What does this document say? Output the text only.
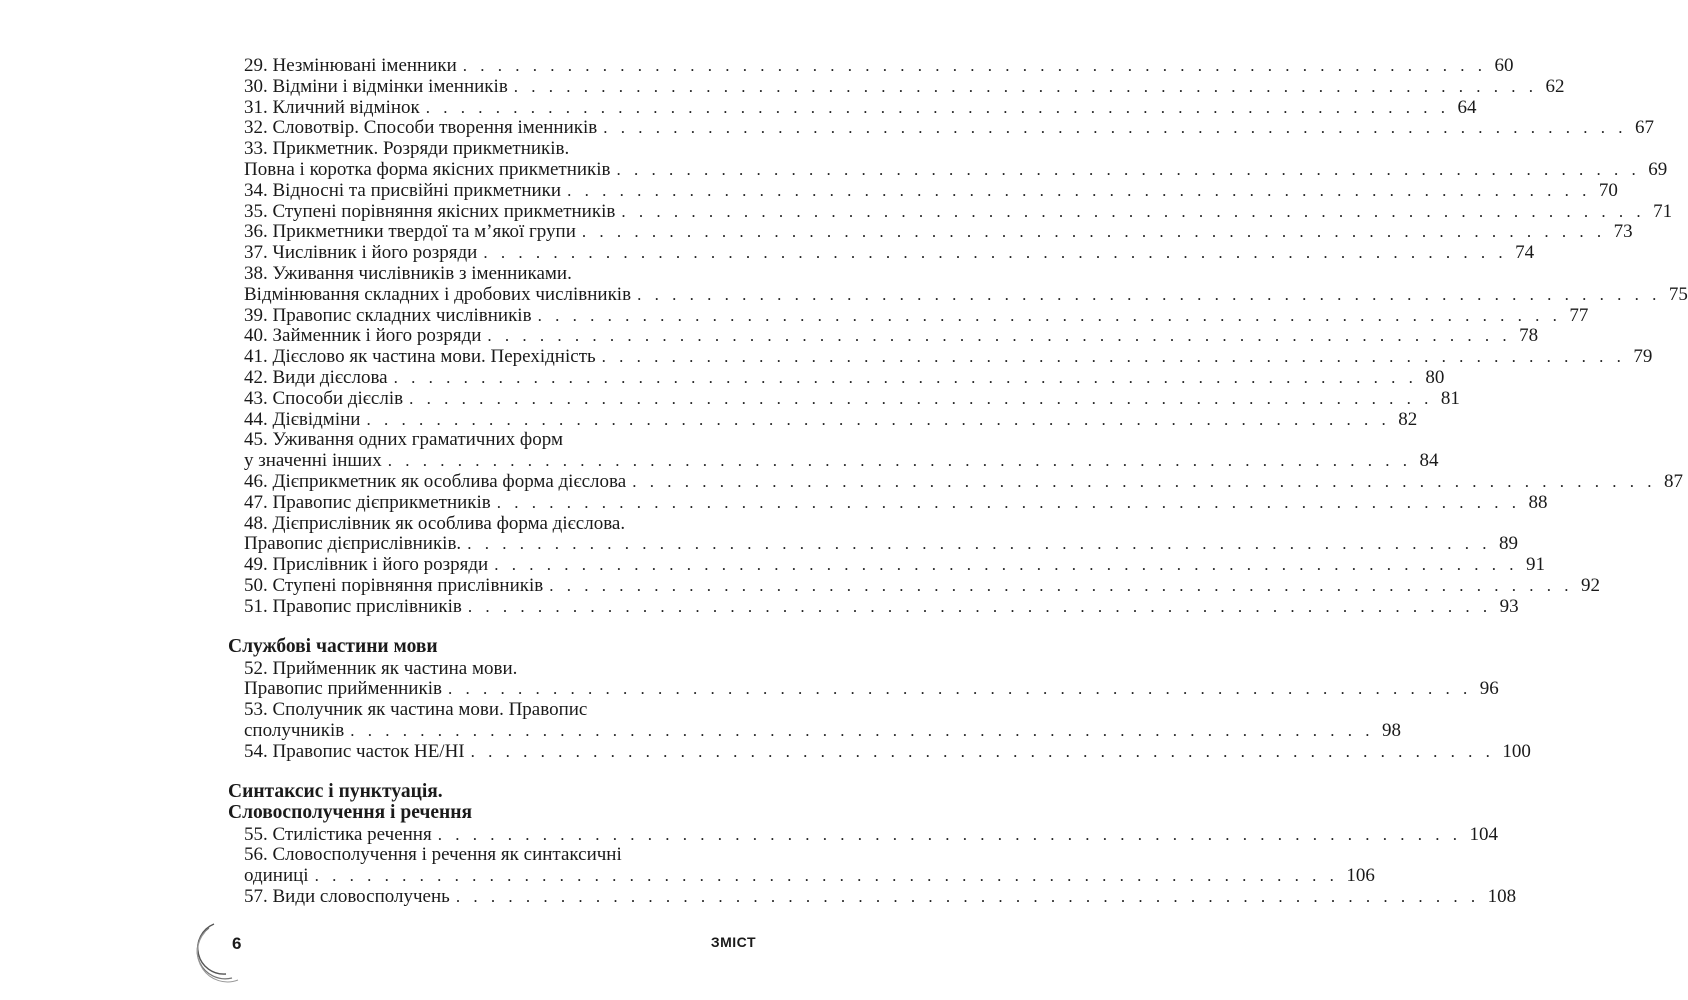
29. Незмінювані іменники . . . . . . . . . . . . . . . . . . . . . . . . . . . . . . . . . . . . . . . . . . . . . . . . . . . . . . . . . . . 60
30. Відміни і відмінки іменників . . . . . . . . . . . . . . . . . . . . . . . . . . . . . . . . . . . . . . . . . . . . . . . . . . . . . . . . . . . 62
31. Кличний відмінок . . . . . . . . . . . . . . . . . . . . . . . . . . . . . . . . . . . . . . . . . . . . . . . . . . . . . . . . . . . 64
32. Словотвір. Способи творення іменників . . . . . . . . . . . . . . . . . . . . . . . . . . . . . . . . . . . . . . . . . . . . . . . . . . . . . . . . . . . 67
33. Прикметник. Розряди прикметників.
Повна і коротка форма якісних прикметників . . . . . . . . . . . . . . . . . . . . . . . . . . . . . . . . . . . . . . . . . . . . . . . . . . . . . . . . . . . 69
34. Відносні та присвійні прикметники . . . . . . . . . . . . . . . . . . . . . . . . . . . . . . . . . . . . . . . . . . . . . . . . . . . . . . . . . . . 70
35. Ступені порівняння якісних прикметників . . . . . . . . . . . . . . . . . . . . . . . . . . . . . . . . . . . . . . . . . . . . . . . . . . . . . . . . . . . 71
36. Прикметники твердої та м’якої групи . . . . . . . . . . . . . . . . . . . . . . . . . . . . . . . . . . . . . . . . . . . . . . . . . . . . . . . . . . . 73
37. Числівник і його розряди . . . . . . . . . . . . . . . . . . . . . . . . . . . . . . . . . . . . . . . . . . . . . . . . . . . . . . . . . . . 74
38. Уживання числівників з іменниками.
Відмінювання складних і дробових числівників . . . . . . . . . . . . . . . . . . . . . . . . . . . . . . . . . . . . . . . . . . . . . . . . . . . . . . . . . . . 75
39. Правопис складних числівників . . . . . . . . . . . . . . . . . . . . . . . . . . . . . . . . . . . . . . . . . . . . . . . . . . . . . . . . . . . 77
40. Займенник і його розряди . . . . . . . . . . . . . . . . . . . . . . . . . . . . . . . . . . . . . . . . . . . . . . . . . . . . . . . . . . . 78
41. Дієслово як частина мови. Перехідність . . . . . . . . . . . . . . . . . . . . . . . . . . . . . . . . . . . . . . . . . . . . . . . . . . . . . . . . . . . 79
42. Види дієслова . . . . . . . . . . . . . . . . . . . . . . . . . . . . . . . . . . . . . . . . . . . . . . . . . . . . . . . . . . . 80
43. Способи дієслів . . . . . . . . . . . . . . . . . . . . . . . . . . . . . . . . . . . . . . . . . . . . . . . . . . . . . . . . . . . 81
44. Дієвідміни . . . . . . . . . . . . . . . . . . . . . . . . . . . . . . . . . . . . . . . . . . . . . . . . . . . . . . . . . . . 82
45. Уживання одних граматичних форм
у значенні інших . . . . . . . . . . . . . . . . . . . . . . . . . . . . . . . . . . . . . . . . . . . . . . . . . . . . . . . . . . . 84
46. Дієприкметник як особлива форма дієслова . . . . . . . . . . . . . . . . . . . . . . . . . . . . . . . . . . . . . . . . . . . . . . . . . . . . . . . . . . . 87
47. Правопис дієприкметників . . . . . . . . . . . . . . . . . . . . . . . . . . . . . . . . . . . . . . . . . . . . . . . . . . . . . . . . . . . 88
48. Дієприслівник як особлива форма дієслова.
Правопис дієприслівників. . . . . . . . . . . . . . . . . . . . . . . . . . . . . . . . . . . . . . . . . . . . . . . . . . . . . . . . . . . . 89
49. Прислівник і його розряди . . . . . . . . . . . . . . . . . . . . . . . . . . . . . . . . . . . . . . . . . . . . . . . . . . . . . . . . . . . 91
50. Ступені порівняння прислівників . . . . . . . . . . . . . . . . . . . . . . . . . . . . . . . . . . . . . . . . . . . . . . . . . . . . . . . . . . . 92
51. Правопис прислівників . . . . . . . . . . . . . . . . . . . . . . . . . . . . . . . . . . . . . . . . . . . . . . . . . . . . . . . . . . . 93
Службові частини мови
52. Прийменник як частина мови.
Правопис прийменників . . . . . . . . . . . . . . . . . . . . . . . . . . . . . . . . . . . . . . . . . . . . . . . . . . . . . . . . . . . 96
53. Сполучник як частина мови. Правопис
сполучників . . . . . . . . . . . . . . . . . . . . . . . . . . . . . . . . . . . . . . . . . . . . . . . . . . . . . . . . . . . 98
54. Правопис часток НЕ/НІ . . . . . . . . . . . . . . . . . . . . . . . . . . . . . . . . . . . . . . . . . . . . . . . . . . . . . . . . . . . 100
Синтаксис і пунктуація.
Словосполучення і речення
55. Стилістика речення . . . . . . . . . . . . . . . . . . . . . . . . . . . . . . . . . . . . . . . . . . . . . . . . . . . . . . . . . . . 104
56. Словосполучення і речення як синтаксичні
одиниці . . . . . . . . . . . . . . . . . . . . . . . . . . . . . . . . . . . . . . . . . . . . . . . . . . . . . . . . . . . 106
57. Види словосполучень . . . . . . . . . . . . . . . . . . . . . . . . . . . . . . . . . . . . . . . . . . . . . . . . . . . . . . . . . . . 108
6	ЗМІСТ
